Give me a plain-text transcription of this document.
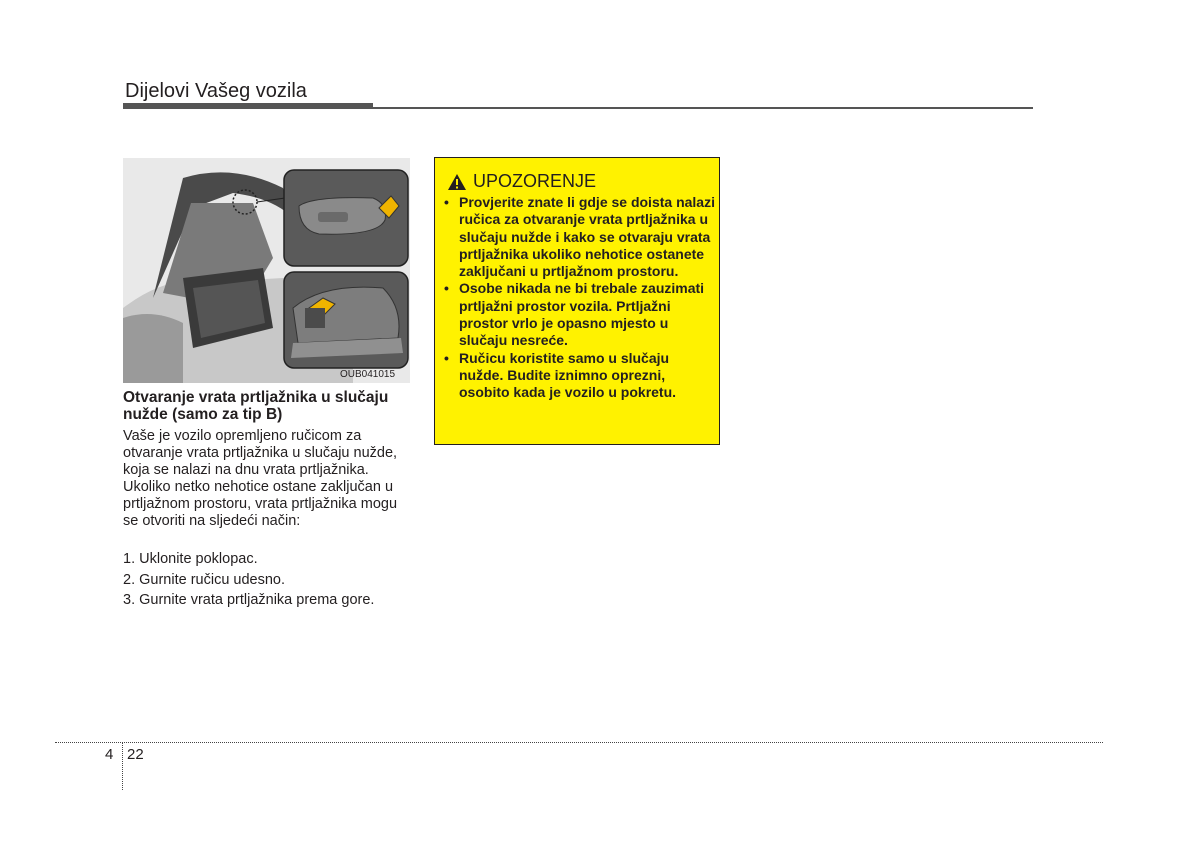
Dijelovi Vašeg vozila
OUB041015
Otvaranje vrata prtljažnika u slučaju nužde (samo za tip B)

Vaše je vozilo opremljeno ručicom za otvaranje vrata prtljažnika u slučaju nužde, koja se nalazi na dnu vrata prtljažnika. Ukoliko netko nehotice ostane zaključan u prtljažnom prostoru, vrata prtljažnika mogu se otvoriti na sljedeći način:

1. Uklonite poklopac.
2. Gurnite ručicu udesno.
3. Gurnite vrata prtljažnika prema gore.
UPOZORENJE
• Provjerite znate li gdje se doista nalazi ručica za otvaranje vrata prtljažnika u slučaju nužde i kako se otvaraju vrata prtljažnika ukoliko nehotice ostanete zaključani u prtljažnom prostoru.
• Osobe nikada ne bi trebale zauzimati prtljažni prostor vozila. Prtljažni prostor vrlo je opasno mjesto u slučaju nesreće.
• Ručicu koristite samo u slučaju nužde. Budite iznimno oprezni, osobito kada je vozilo u pokretu.
4 22
